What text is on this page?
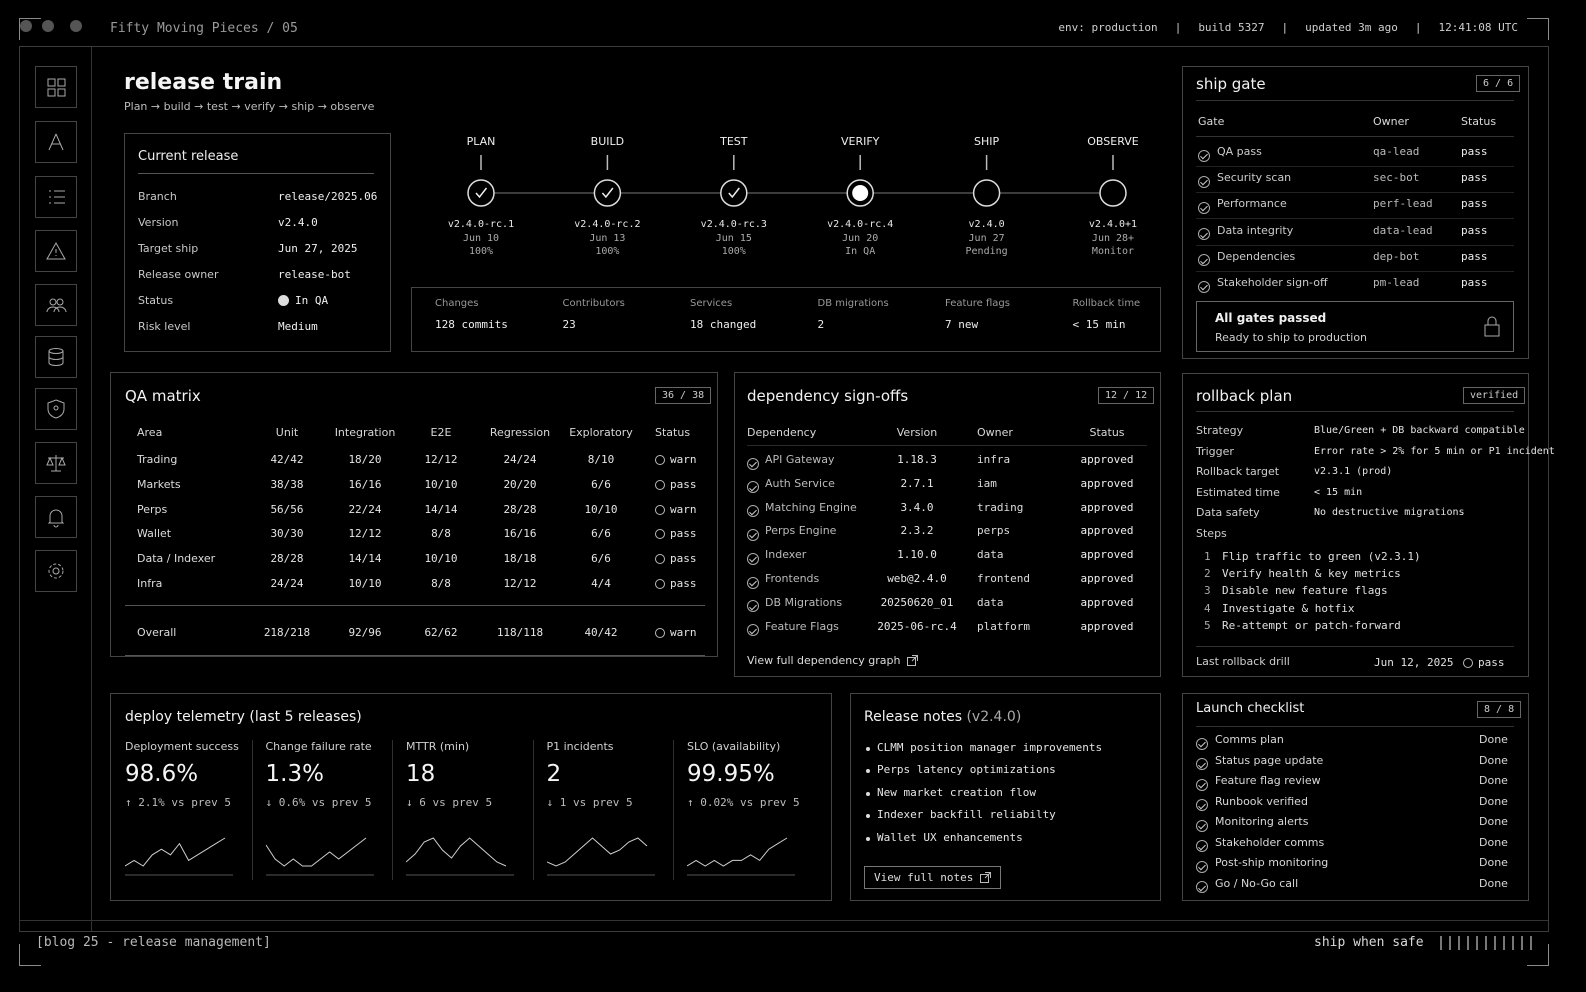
Fifty Moving Pieces / 05	env: production | build 5327 | updated 3m ago | 12:41:08 UTC
release train
Plan → build → test → verify → ship → observe
Current release
Branch	release/2025.06
Version	v2.4.0
Target ship	Jun 27, 2025
Release owner	release-bot
Status	In QA
Risk level	Medium
PLAN
v2.4.0-rc.1
Jun 10
100%
BUILD
v2.4.0-rc.2
Jun 13
100%
TEST
v2.4.0-rc.3
Jun 15
100%
VERIFY
v2.4.0-rc.4
Jun 20
In QA
SHIP
v2.4.0
Jun 27
Pending
OBSERVE
v2.4.0+1
Jun 28+
Monitor
Changes
128 commits
Contributors
23
Services
18 changed
DB migrations
2
Feature flags
7 new
Rollback time
< 15 min
ship gate	6 / 6
Gate	Owner	Status
QA pass	qa-lead	pass
Security scan	sec-bot	pass
Performance	perf-lead	pass
Data integrity	data-lead	pass
Dependencies	dep-bot	pass
Stakeholder sign-off	pm-lead	pass
All gates passed
Ready to ship to production
QA matrix	36 / 38
Area	Unit	Integration	E2E	Regression	Exploratory	Status
Trading	42/42	18/20	12/12	24/24	8/10	warn
Markets	38/38	16/16	10/10	20/20	6/6	pass
Perps	56/56	22/24	14/14	28/28	10/10	warn
Wallet	30/30	12/12	8/8	16/16	6/6	pass
Data / Indexer	28/28	14/14	10/10	18/18	6/6	pass
Infra	24/24	10/10	8/8	12/12	4/4	pass
Overall	218/218	92/96	62/62	118/118	40/42	warn
dependency sign-offs	12 / 12
Dependency	Version	Owner	Status
API Gateway	1.18.3	infra	approved
Auth Service	2.7.1	iam	approved
Matching Engine	3.4.0	trading	approved
Perps Engine	2.3.2	perps	approved
Indexer	1.10.0	data	approved
Frontends	web@2.4.0	frontend	approved
DB Migrations	20250620_01	data	approved
Feature Flags	2025-06-rc.4	platform	approved
View full dependency graph
rollback plan	verified
Strategy	Blue/Green + DB backward compatible
Trigger	Error rate > 2% for 5 min or P1 incident
Rollback target	v2.3.1 (prod)
Estimated time	< 15 min
Data safety	No destructive migrations
Steps
1 Flip traffic to green (v2.3.1)
2 Verify health & key metrics
3 Disable new feature flags
4 Investigate & hotfix
5 Re-attempt or patch-forward
Last rollback drill	Jun 12, 2025	pass
deploy telemetry (last 5 releases)
Deployment success
98.6%
↑ 2.1% vs prev 5
Change failure rate
1.3%
↓ 0.6% vs prev 5
MTTR (min)
18
↓ 6 vs prev 5
P1 incidents
2
↓ 1 vs prev 5
SLO (availability)
99.95%
↑ 0.02% vs prev 5
Release notes (v2.4.0)
CLMM position manager improvements
Perps latency optimizations
New market creation flow
Indexer backfill reliabilty
Wallet UX enhancements
View full notes
Launch checklist	8 / 8
Comms plan	Done
Status page update	Done
Feature flag review	Done
Runbook verified	Done
Monitoring alerts	Done
Stakeholder comms	Done
Post-ship monitoring	Done
Go / No-Go call	Done
[blog 25 - release management]	ship when safe
